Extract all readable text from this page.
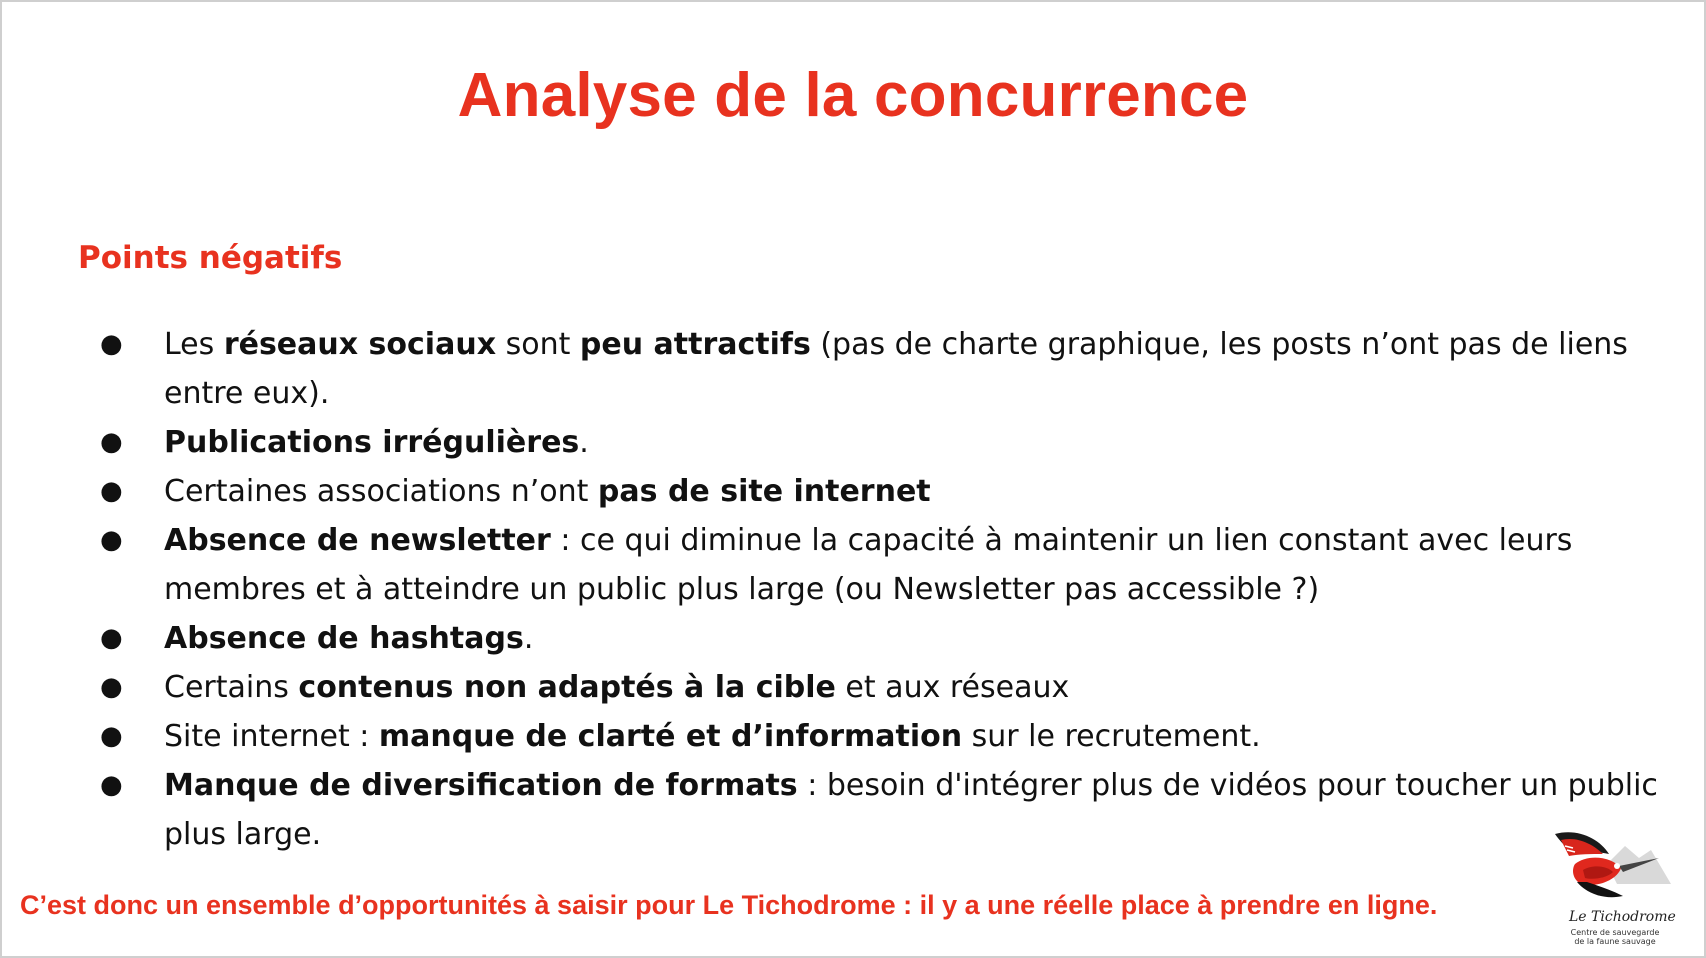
Analyse de la concurrence
Points négatifs
● Les réseaux sociaux sont peu attractifs (pas de charte graphique, les posts n’ont pas de liens entre eux).
● Publications irrégulières.
● Certaines associations n’ont pas de site internet
● Absence de newsletter : ce qui diminue la capacité à maintenir un lien constant avec leurs membres et à atteindre un public plus large (ou Newsletter pas accessible ?)
● Absence de hashtags.
● Certains contenus non adaptés à la cible et aux réseaux
● Site internet : manque de clarté et d’information sur le recrutement.
● Manque de diversification de formats : besoin d'intégrer plus de vidéos pour toucher un public plus large.
C’est donc un ensemble d’opportunités à saisir pour Le Tichodrome : il y a une réelle place à prendre en ligne.	Le Tichodrome
Centre de sauvegarde
de la faune sauvage
